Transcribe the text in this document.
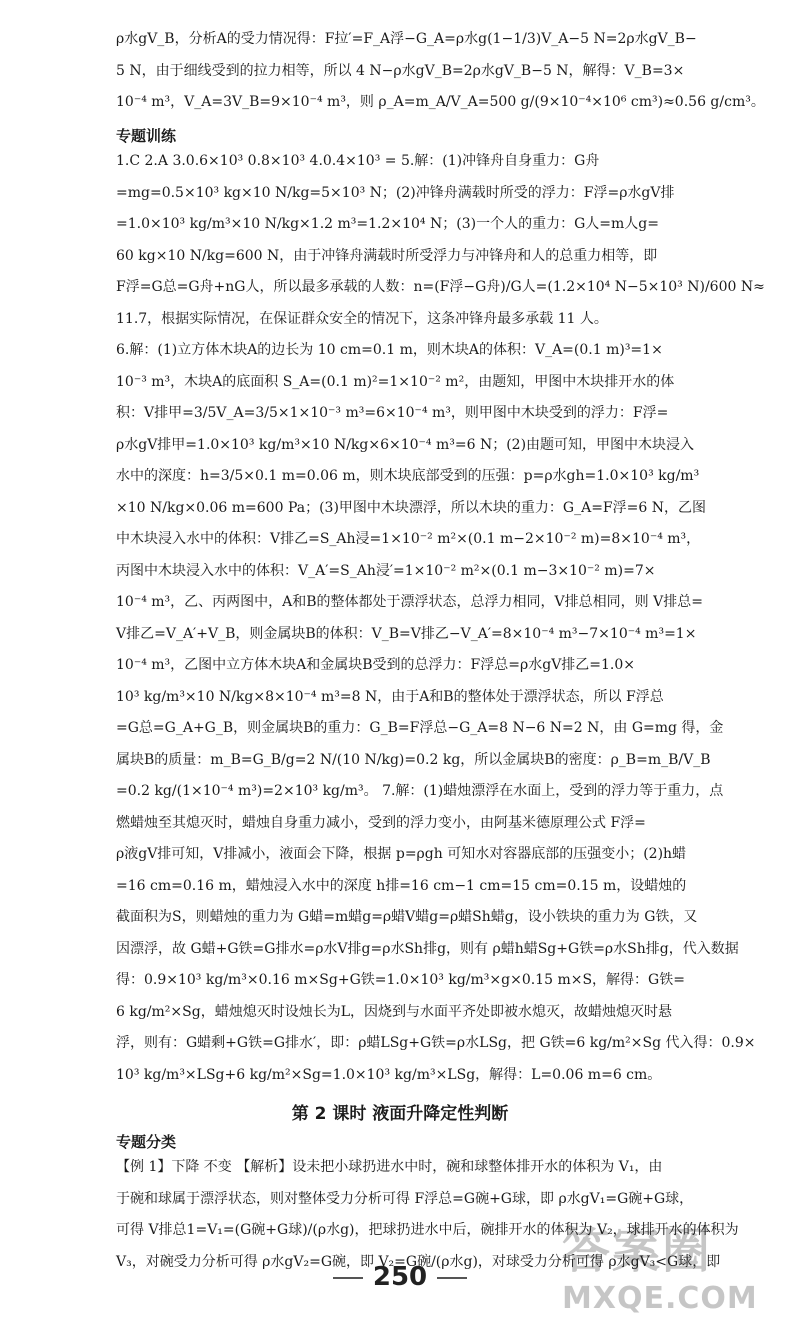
250	答案圈
MXQE.COM
ρ水gV_B，分析A的受力情况得：F拉′=F_A浮−G_A=ρ水g(1−1/3)V_A−5 N=2ρ水gV_B−
5 N，由于细线受到的拉力相等，所以 4 N−ρ水gV_B=2ρ水gV_B−5 N，解得：V_B=3×
10⁻⁴ m³，V_A=3V_B=9×10⁻⁴ m³，则 ρ_A=m_A/V_A=500 g/(9×10⁻⁴×10⁶ cm³)≈0.56 g/cm³。
专题训练
1.C 2.A 3.0.6×10³ 0.8×10³ 4.0.4×10³ = 5.解：(1)冲锋舟自身重力：G舟
=mg=0.5×10³ kg×10 N/kg=5×10³ N；(2)冲锋舟满载时所受的浮力：F浮=ρ水gV排
=1.0×10³ kg/m³×10 N/kg×1.2 m³=1.2×10⁴ N；(3)一个人的重力：G人=m人g=
60 kg×10 N/kg=600 N，由于冲锋舟满载时所受浮力与冲锋舟和人的总重力相等，即
F浮=G总=G舟+nG人，所以最多承载的人数：n=(F浮−G舟)/G人=(1.2×10⁴ N−5×10³ N)/600 N≈
11.7，根据实际情况，在保证群众安全的情况下，这条冲锋舟最多承载 11 人。
6.解：(1)立方体木块A的边长为 10 cm=0.1 m，则木块A的体积：V_A=(0.1 m)³=1×
10⁻³ m³，木块A的底面积 S_A=(0.1 m)²=1×10⁻² m²，由题知，甲图中木块排开水的体
积：V排甲=3/5V_A=3/5×1×10⁻³ m³=6×10⁻⁴ m³，则甲图中木块受到的浮力：F浮=
ρ水gV排甲=1.0×10³ kg/m³×10 N/kg×6×10⁻⁴ m³=6 N；(2)由题可知，甲图中木块浸入
水中的深度：h=3/5×0.1 m=0.06 m，则木块底部受到的压强：p=ρ水gh=1.0×10³ kg/m³
×10 N/kg×0.06 m=600 Pa；(3)甲图中木块漂浮，所以木块的重力：G_A=F浮=6 N，乙图
中木块浸入水中的体积：V排乙=S_Ah浸=1×10⁻² m²×(0.1 m−2×10⁻² m)=8×10⁻⁴ m³，
丙图中木块浸入水中的体积：V_A′=S_Ah浸′=1×10⁻² m²×(0.1 m−3×10⁻² m)=7×
10⁻⁴ m³，乙、丙两图中，A和B的整体都处于漂浮状态，总浮力相同，V排总相同，则 V排总=
V排乙=V_A′+V_B，则金属块B的体积：V_B=V排乙−V_A′=8×10⁻⁴ m³−7×10⁻⁴ m³=1×
10⁻⁴ m³，乙图中立方体木块A和金属块B受到的总浮力：F浮总=ρ水gV排乙=1.0×
10³ kg/m³×10 N/kg×8×10⁻⁴ m³=8 N，由于A和B的整体处于漂浮状态，所以 F浮总
=G总=G_A+G_B，则金属块B的重力：G_B=F浮总−G_A=8 N−6 N=2 N，由 G=mg 得，金
属块B的质量：m_B=G_B/g=2 N/(10 N/kg)=0.2 kg，所以金属块B的密度：ρ_B=m_B/V_B
=0.2 kg/(1×10⁻⁴ m³)=2×10³ kg/m³。 7.解：(1)蜡烛漂浮在水面上，受到的浮力等于重力，点
燃蜡烛至其熄灭时，蜡烛自身重力减小，受到的浮力变小，由阿基米德原理公式 F浮=
ρ液gV排可知，V排减小，液面会下降，根据 p=ρgh 可知水对容器底部的压强变小；(2)h蜡
=16 cm=0.16 m，蜡烛浸入水中的深度 h排=16 cm−1 cm=15 cm=0.15 m，设蜡烛的
截面积为S，则蜡烛的重力为 G蜡=m蜡g=ρ蜡V蜡g=ρ蜡Sh蜡g，设小铁块的重力为 G铁，又
因漂浮，故 G蜡+G铁=G排水=ρ水V排g=ρ水Sh排g，则有 ρ蜡h蜡Sg+G铁=ρ水Sh排g，代入数据
得：0.9×10³ kg/m³×0.16 m×Sg+G铁=1.0×10³ kg/m³×g×0.15 m×S，解得：G铁=
6 kg/m²×Sg，蜡烛熄灭时设烛长为L，因烧到与水面平齐处即被水熄灭，故蜡烛熄灭时悬
浮，则有：G蜡剩+G铁=G排水′，即：ρ蜡LSg+G铁=ρ水LSg，把 G铁=6 kg/m²×Sg 代入得：0.9×
10³ kg/m³×LSg+6 kg/m²×Sg=1.0×10³ kg/m³×LSg，解得：L=0.06 m=6 cm。
第 2 课时 液面升降定性判断
专题分类
【例 1】下降 不变 【解析】设未把小球扔进水中时，碗和球整体排开水的体积为 V₁，由
于碗和球属于漂浮状态，则对整体受力分析可得 F浮总=G碗+G球，即 ρ水gV₁=G碗+G球，
可得 V排总1=V₁=(G碗+G球)/(ρ水g)，把球扔进水中后，碗排开水的体积为 V₂，球排开水的体积为
V₃，对碗受力分析可得 ρ水gV₂=G碗，即 V₂=G碗/(ρ水g)，对球受力分析可得 ρ水gV₃<G球，即
